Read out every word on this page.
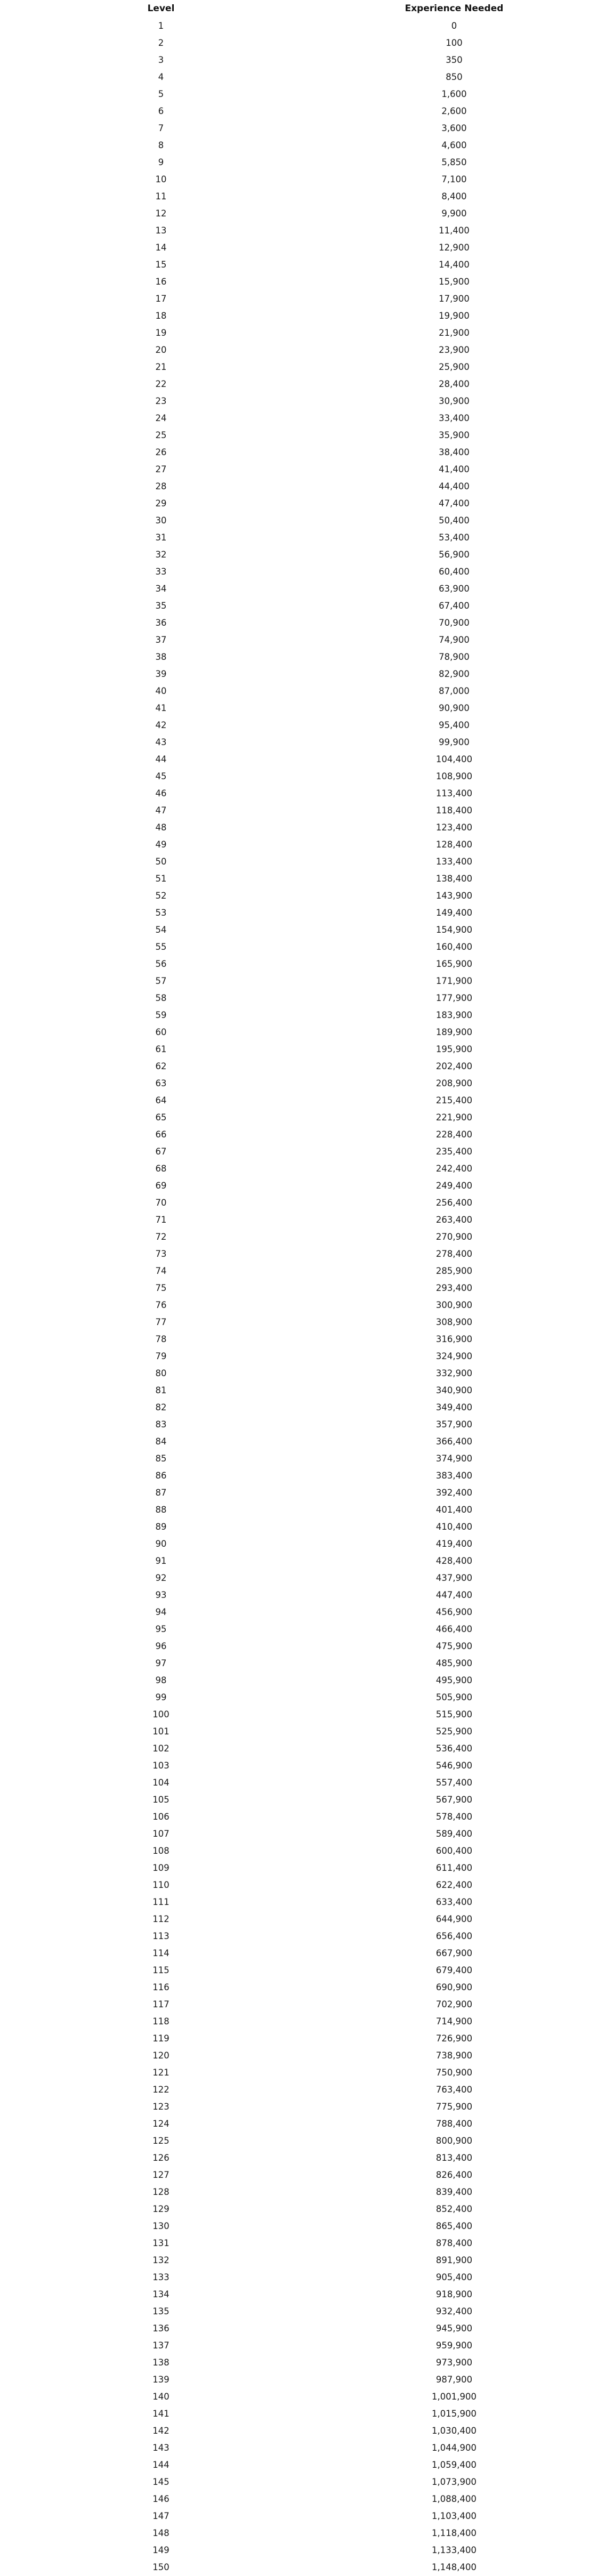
Level	Experience Needed
1	0
2	100
3	350
4	850
5	1,600
6	2,600
7	3,600
8	4,600
9	5,850
10	7,100
11	8,400
12	9,900
13	11,400
14	12,900
15	14,400
16	15,900
17	17,900
18	19,900
19	21,900
20	23,900
21	25,900
22	28,400
23	30,900
24	33,400
25	35,900
26	38,400
27	41,400
28	44,400
29	47,400
30	50,400
31	53,400
32	56,900
33	60,400
34	63,900
35	67,400
36	70,900
37	74,900
38	78,900
39	82,900
40	87,000
41	90,900
42	95,400
43	99,900
44	104,400
45	108,900
46	113,400
47	118,400
48	123,400
49	128,400
50	133,400
51	138,400
52	143,900
53	149,400
54	154,900
55	160,400
56	165,900
57	171,900
58	177,900
59	183,900
60	189,900
61	195,900
62	202,400
63	208,900
64	215,400
65	221,900
66	228,400
67	235,400
68	242,400
69	249,400
70	256,400
71	263,400
72	270,900
73	278,400
74	285,900
75	293,400
76	300,900
77	308,900
78	316,900
79	324,900
80	332,900
81	340,900
82	349,400
83	357,900
84	366,400
85	374,900
86	383,400
87	392,400
88	401,400
89	410,400
90	419,400
91	428,400
92	437,900
93	447,400
94	456,900
95	466,400
96	475,900
97	485,900
98	495,900
99	505,900
100	515,900
101	525,900
102	536,400
103	546,900
104	557,400
105	567,900
106	578,400
107	589,400
108	600,400
109	611,400
110	622,400
111	633,400
112	644,900
113	656,400
114	667,900
115	679,400
116	690,900
117	702,900
118	714,900
119	726,900
120	738,900
121	750,900
122	763,400
123	775,900
124	788,400
125	800,900
126	813,400
127	826,400
128	839,400
129	852,400
130	865,400
131	878,400
132	891,900
133	905,400
134	918,900
135	932,400
136	945,900
137	959,900
138	973,900
139	987,900
140	1,001,900
141	1,015,900
142	1,030,400
143	1,044,900
144	1,059,400
145	1,073,900
146	1,088,400
147	1,103,400
148	1,118,400
149	1,133,400
150	1,148,400
